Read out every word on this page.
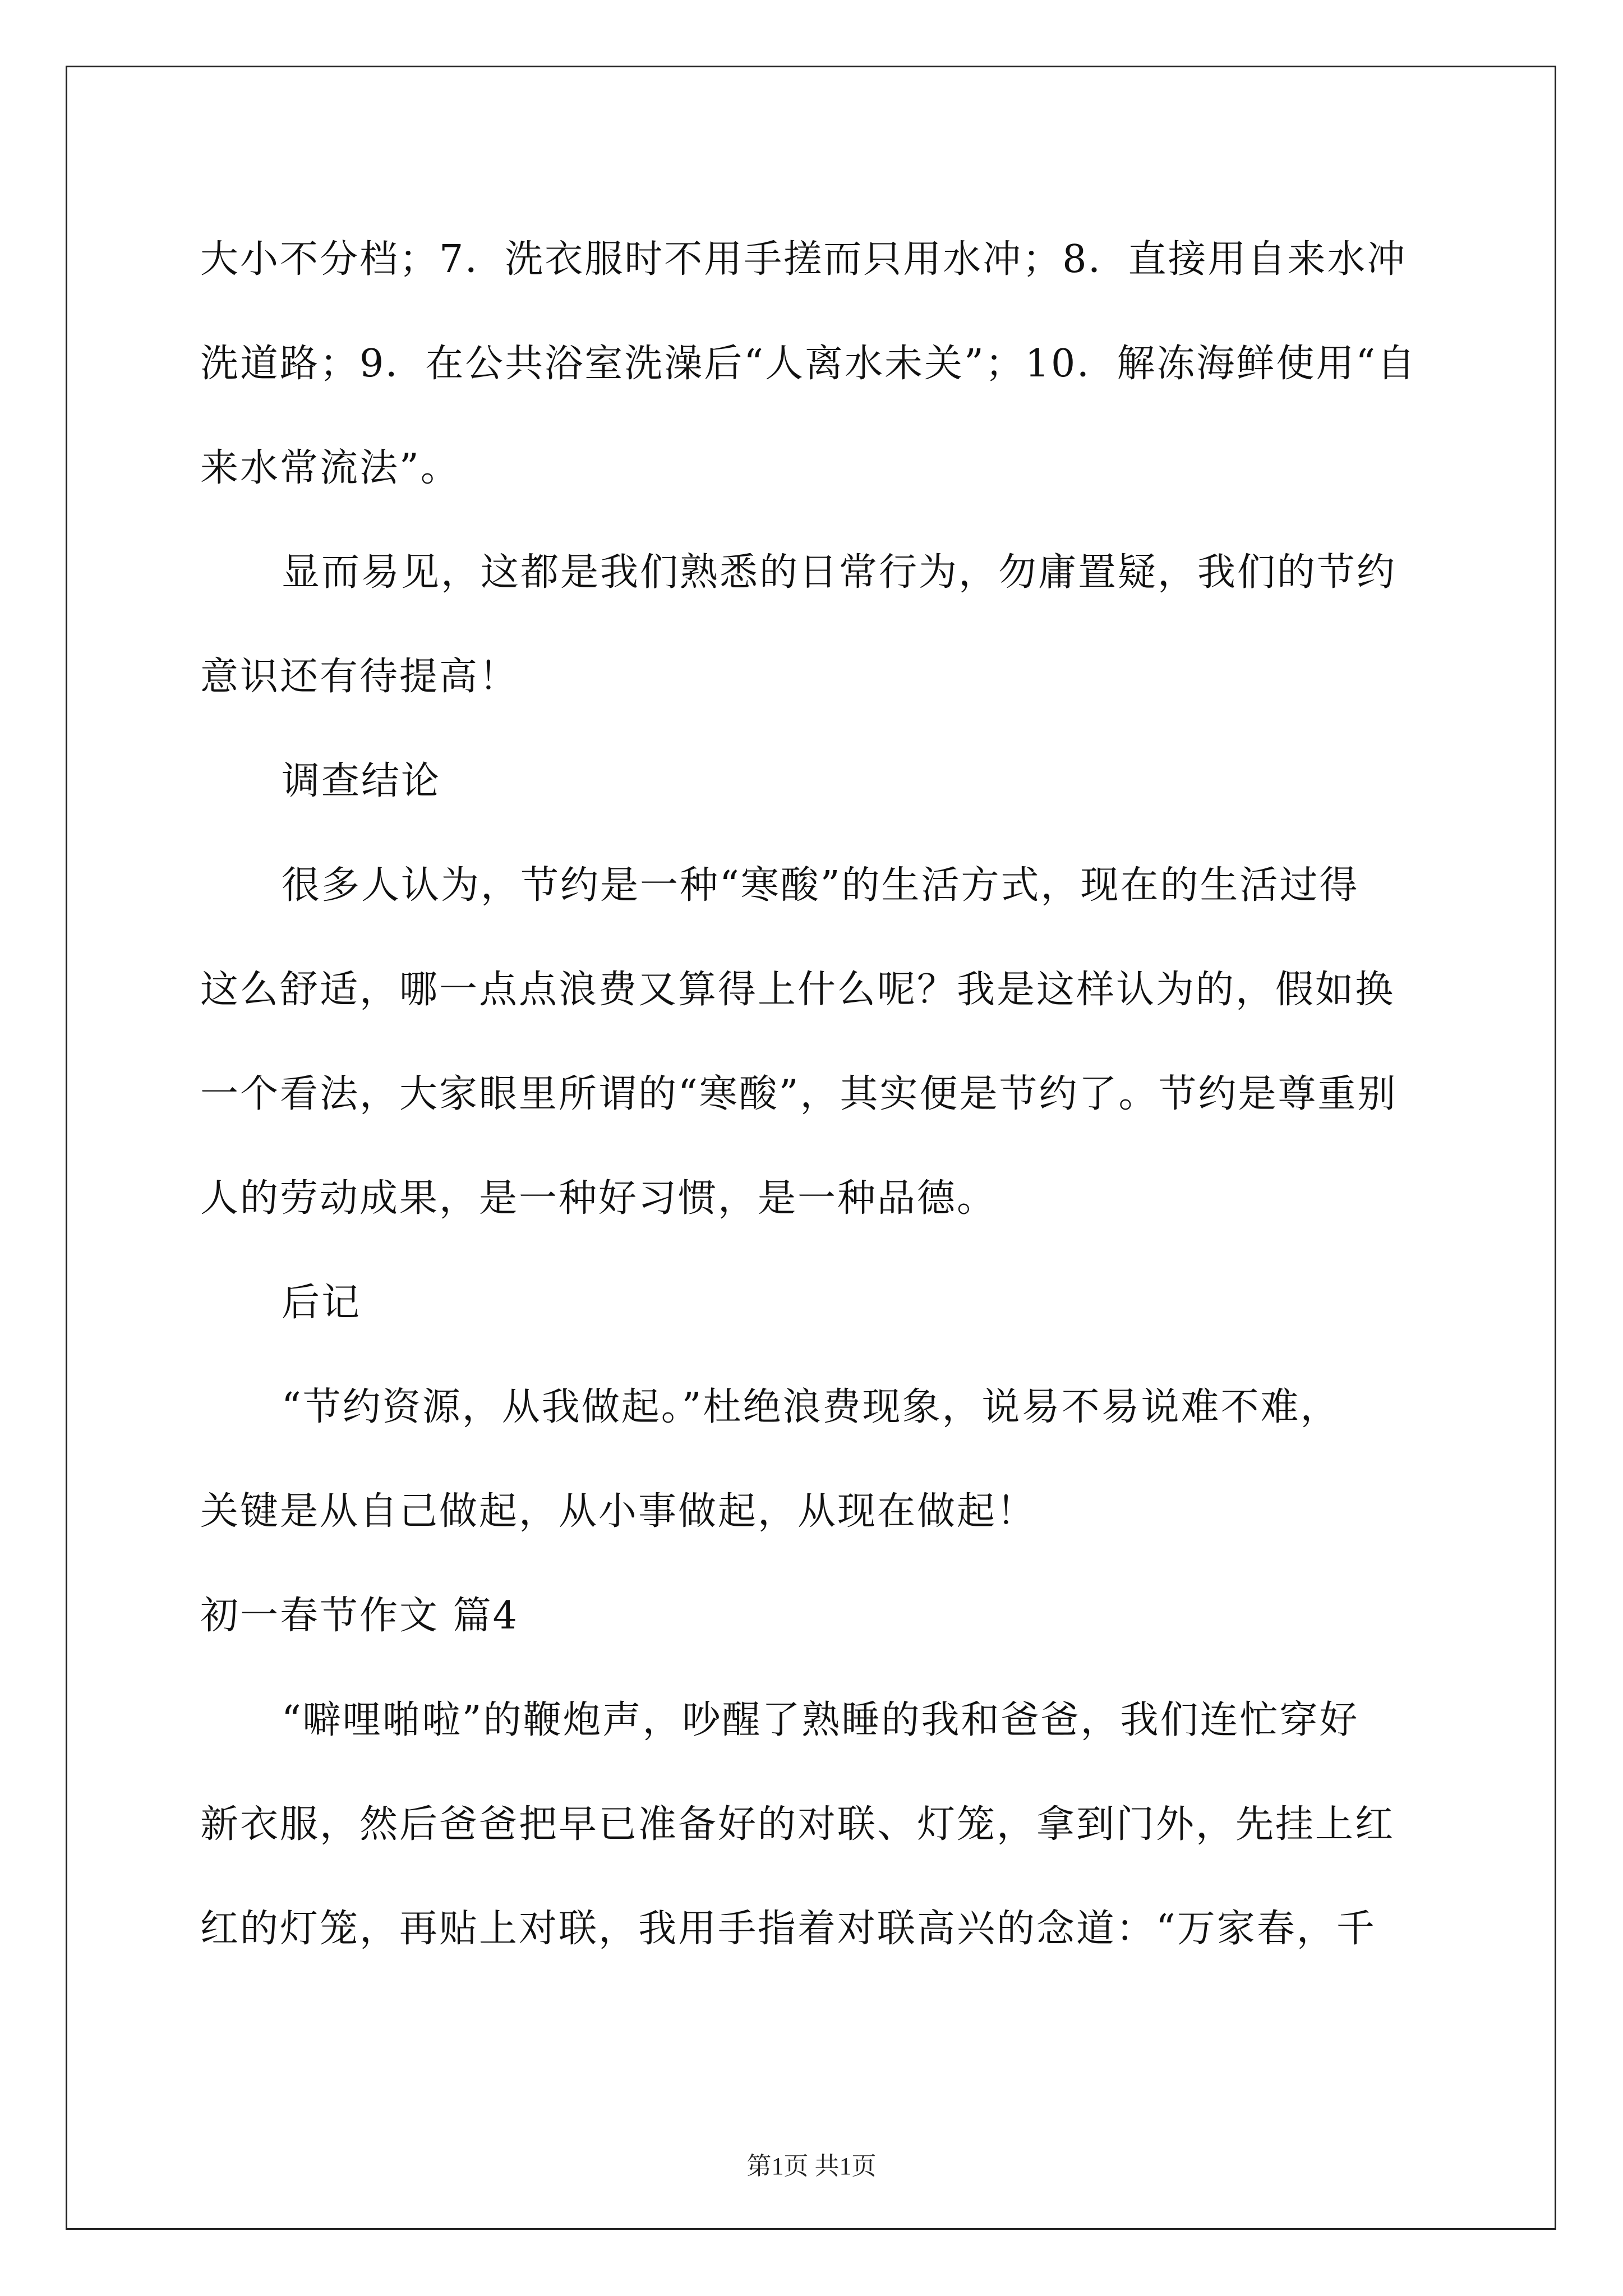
大小不分档；7．洗衣服时不用手搓而只用水冲；8．直接用自来水冲
洗道路；9．在公共浴室洗澡后“人离水未关”；10．解冻海鲜使用“自
来水常流法”。
显而易见，这都是我们熟悉的日常行为，勿庸置疑，我们的节约
意识还有待提高！
调查结论
很多人认为，节约是一种“寒酸”的生活方式，现在的生活过得
这么舒适，哪一点点浪费又算得上什么呢？我是这样认为的，假如换
一个看法，大家眼里所谓的“寒酸”，其实便是节约了。节约是尊重别
人的劳动成果，是一种好习惯，是一种品德。
后记
“节约资源，从我做起。”杜绝浪费现象，说易不易说难不难，
关键是从自己做起，从小事做起，从现在做起！
初一春节作文 篇4
“噼哩啪啦”的鞭炮声，吵醒了熟睡的我和爸爸，我们连忙穿好
新衣服，然后爸爸把早已准备好的对联、灯笼，拿到门外，先挂上红
红的灯笼，再贴上对联，我用手指着对联高兴的念道：“万家春，千
第1页 共1页
